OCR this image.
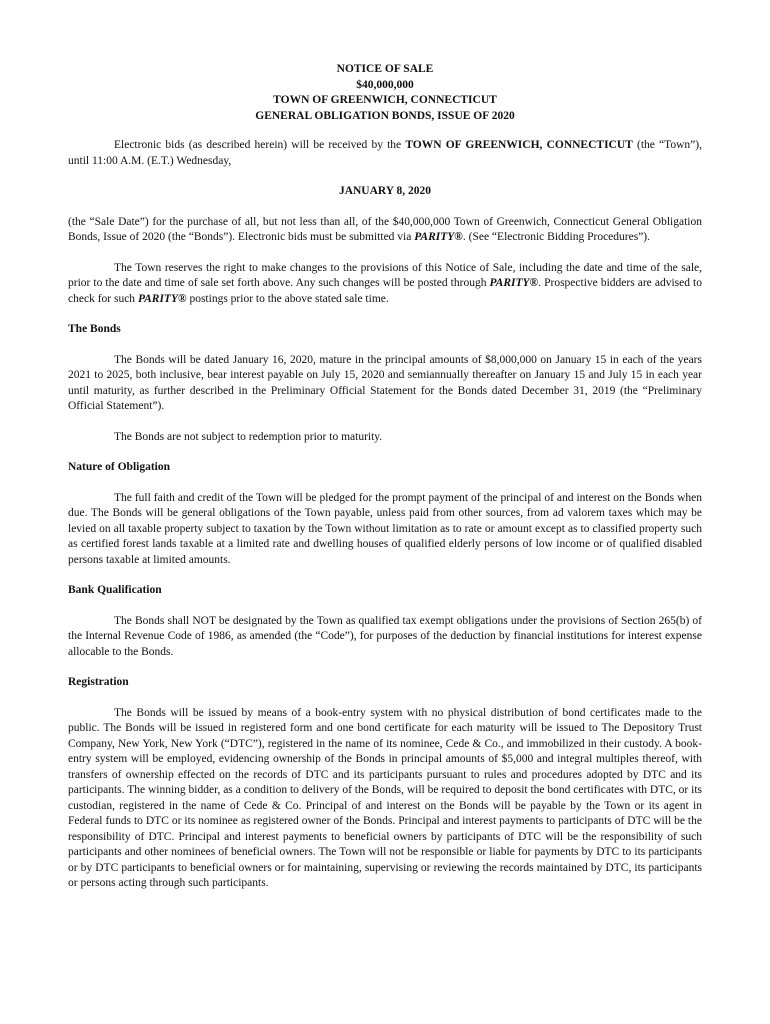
NOTICE OF SALE
$40,000,000
TOWN OF GREENWICH, CONNECTICUT
GENERAL OBLIGATION BONDS, ISSUE OF 2020

Electronic bids (as described herein) will be received by the TOWN OF GREENWICH, CONNECTICUT (the “Town”), until 11:00 A.M. (E.T.) Wednesday,

JANUARY 8, 2020

(the “Sale Date”) for the purchase of all, but not less than all, of the $40,000,000 Town of Greenwich, Connecticut General Obligation Bonds, Issue of 2020 (the “Bonds”). Electronic bids must be submitted via PARITY®. (See “Electronic Bidding Procedures”).

The Town reserves the right to make changes to the provisions of this Notice of Sale, including the date and time of the sale, prior to the date and time of sale set forth above. Any such changes will be posted through PARITY®. Prospective bidders are advised to check for such PARITY® postings prior to the above stated sale time.

The Bonds

The Bonds will be dated January 16, 2020, mature in the principal amounts of $8,000,000 on January 15 in each of the years 2021 to 2025, both inclusive, bear interest payable on July 15, 2020 and semiannually thereafter on January 15 and July 15 in each year until maturity, as further described in the Preliminary Official Statement for the Bonds dated December 31, 2019 (the “Preliminary Official Statement”).

The Bonds are not subject to redemption prior to maturity.

Nature of Obligation

The full faith and credit of the Town will be pledged for the prompt payment of the principal of and interest on the Bonds when due. The Bonds will be general obligations of the Town payable, unless paid from other sources, from ad valorem taxes which may be levied on all taxable property subject to taxation by the Town without limitation as to rate or amount except as to classified property such as certified forest lands taxable at a limited rate and dwelling houses of qualified elderly persons of low income or of qualified disabled persons taxable at limited amounts.

Bank Qualification

The Bonds shall NOT be designated by the Town as qualified tax exempt obligations under the provisions of Section 265(b) of the Internal Revenue Code of 1986, as amended (the “Code”), for purposes of the deduction by financial institutions for interest expense allocable to the Bonds.

Registration

The Bonds will be issued by means of a book-entry system with no physical distribution of bond certificates made to the public. The Bonds will be issued in registered form and one bond certificate for each maturity will be issued to The Depository Trust Company, New York, New York (“DTC”), registered in the name of its nominee, Cede & Co., and immobilized in their custody. A book-entry system will be employed, evidencing ownership of the Bonds in principal amounts of $5,000 and integral multiples thereof, with transfers of ownership effected on the records of DTC and its participants pursuant to rules and procedures adopted by DTC and its participants. The winning bidder, as a condition to delivery of the Bonds, will be required to deposit the bond certificates with DTC, or its custodian, registered in the name of Cede & Co. Principal of and interest on the Bonds will be payable by the Town or its agent in Federal funds to DTC or its nominee as registered owner of the Bonds. Principal and interest payments to participants of DTC will be the responsibility of DTC. Principal and interest payments to beneficial owners by participants of DTC will be the responsibility of such participants and other nominees of beneficial owners. The Town will not be responsible or liable for payments by DTC to its participants or by DTC participants to beneficial owners or for maintaining, supervising or reviewing the records maintained by DTC, its participants or persons acting through such participants.
